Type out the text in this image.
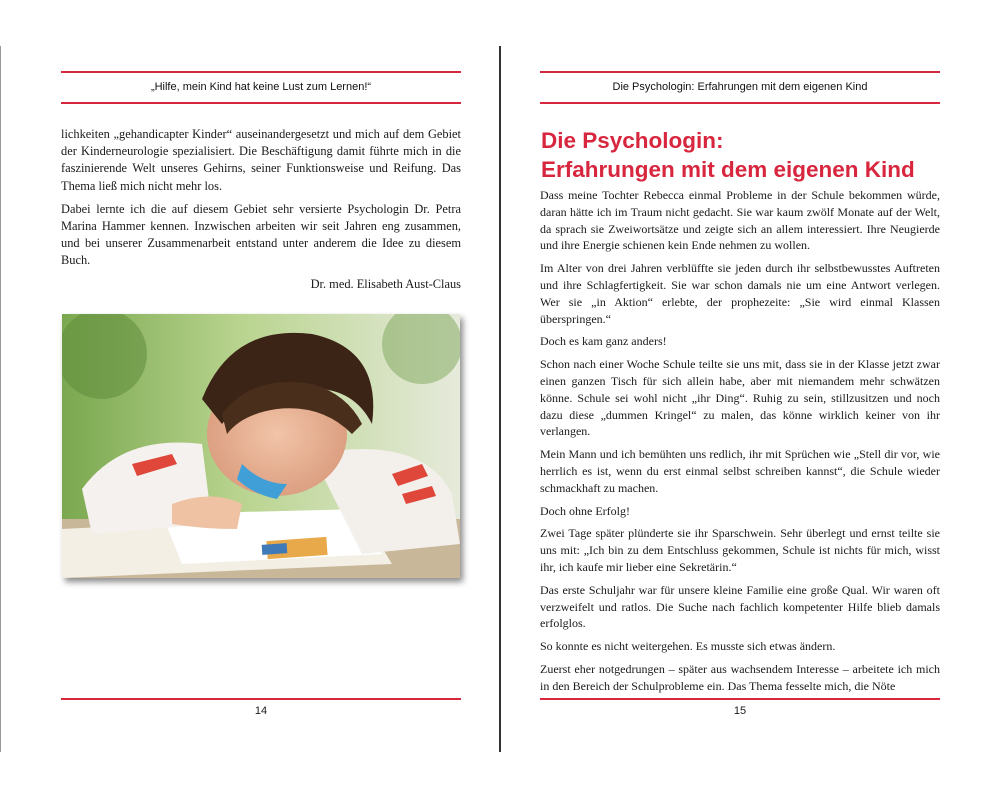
„Hilfe, mein Kind hat keine Lust zum Lernen!“

lichkeiten „gehandicapter Kinder“ auseinandergesetzt und mich auf dem Gebiet der Kinderneurologie spezialisiert. Die Beschäftigung damit führte mich in die faszinierende Welt unseres Gehirns, seiner Funktionsweise und Reifung. Das Thema ließ mich nicht mehr los.

Dabei lernte ich die auf diesem Gebiet sehr versierte Psychologin Dr. Petra Marina Hammer kennen. Inzwischen arbeiten wir seit Jahren eng zusammen, und bei unserer Zusammenarbeit entstand unter anderem die Idee zu diesem Buch.

Dr. med. Elisabeth Aust-Claus

14
Die Psychologin: Erfahrungen mit dem eigenen Kind
Die Psychologin:
Erfahrungen mit dem eigenen Kind

Dass meine Tochter Rebecca einmal Probleme in der Schule bekommen würde, daran hätte ich im Traum nicht gedacht. Sie war kaum zwölf Monate auf der Welt, da sprach sie Zweiwortsätze und zeigte sich an allem interessiert. Ihre Neugierde und ihre Energie schienen kein Ende nehmen zu wollen.

Im Alter von drei Jahren verblüffte sie jeden durch ihr selbstbewusstes Auftreten und ihre Schlagfertigkeit. Sie war schon damals nie um eine Antwort verlegen. Wer sie „in Aktion“ erlebte, der prophezeite: „Sie wird einmal Klassen überspringen.“

Doch es kam ganz anders!

Schon nach einer Woche Schule teilte sie uns mit, dass sie in der Klasse jetzt zwar einen ganzen Tisch für sich allein habe, aber mit niemandem mehr schwätzen könne. Schule sei wohl nicht „ihr Ding“. Ruhig zu sein, stillzusitzen und noch dazu diese „dummen Kringel“ zu malen, das könne wirklich keiner von ihr verlangen.

Mein Mann und ich bemühten uns redlich, ihr mit Sprüchen wie „Stell dir vor, wie herrlich es ist, wenn du erst einmal selbst schreiben kannst“, die Schule wieder schmackhaft zu machen.

Doch ohne Erfolg!

Zwei Tage später plünderte sie ihr Sparschwein. Sehr überlegt und ernst teilte sie uns mit: „Ich bin zu dem Entschluss gekommen, Schule ist nichts für mich, wisst ihr, ich kaufe mir lieber eine Sekretärin.“

Das erste Schuljahr war für unsere kleine Familie eine große Qual. Wir waren oft verzweifelt und ratlos. Die Suche nach fachlich kompetenter Hilfe blieb damals erfolglos.

So konnte es nicht weitergehen. Es musste sich etwas ändern.

Zuerst eher notgedrungen – später aus wachsendem Interesse – arbeitete ich mich in den Bereich der Schulprobleme ein. Das Thema fesselte mich, die Nöte

15
